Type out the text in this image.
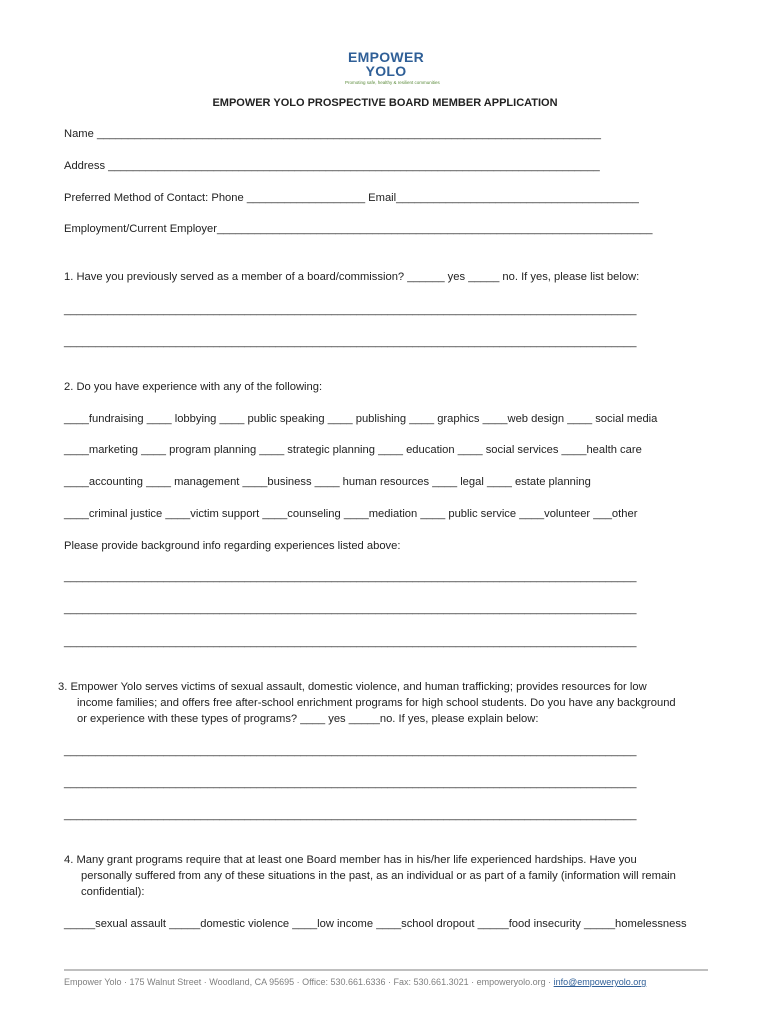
EMPOWER
YOLO
Promoting safe, healthy & resilient communities
EMPOWER YOLO PROSPECTIVE BOARD MEMBER APPLICATION
Name _________________________________________________________________________________
Address _______________________________________________________________________________
Preferred Method of Contact: Phone ___________________ Email_______________________________________
Employment/Current Employer______________________________________________________________________
1. Have you previously served as a member of a board/commission? ______ yes _____ no. If yes, please list below:
____________________________________________________________________________________________
____________________________________________________________________________________________
2. Do you have experience with any of the following:
____fundraising ____ lobbying ____ public speaking ____ publishing ____ graphics ____web design ____ social media
____marketing ____ program planning ____ strategic planning ____ education ____ social services ____health care
____accounting ____ management ____business ____ human resources ____ legal ____ estate planning
____criminal justice ____victim support ____counseling ____mediation ____ public service ____volunteer ___other
Please provide background info regarding experiences listed above:
____________________________________________________________________________________________
____________________________________________________________________________________________
____________________________________________________________________________________________
3. Empower Yolo serves victims of sexual assault, domestic violence, and human trafficking; provides resources for low
income families; and offers free after-school enrichment programs for high school students. Do you have any background
or experience with these types of programs? ____ yes _____no. If yes, please explain below:
____________________________________________________________________________________________
____________________________________________________________________________________________
____________________________________________________________________________________________
4. Many grant programs require that at least one Board member has in his/her life experienced hardships. Have you
personally suffered from any of these situations in the past, as an individual or as part of a family (information will remain
confidential):
_____sexual assault _____domestic violence ____low income ____school dropout _____food insecurity _____homelessness
Empower Yolo · 175 Walnut Street · Woodland, CA 95695 · Office: 530.661.6336 · Fax: 530.661.3021 · empoweryolo.org · info@empoweryolo.org
